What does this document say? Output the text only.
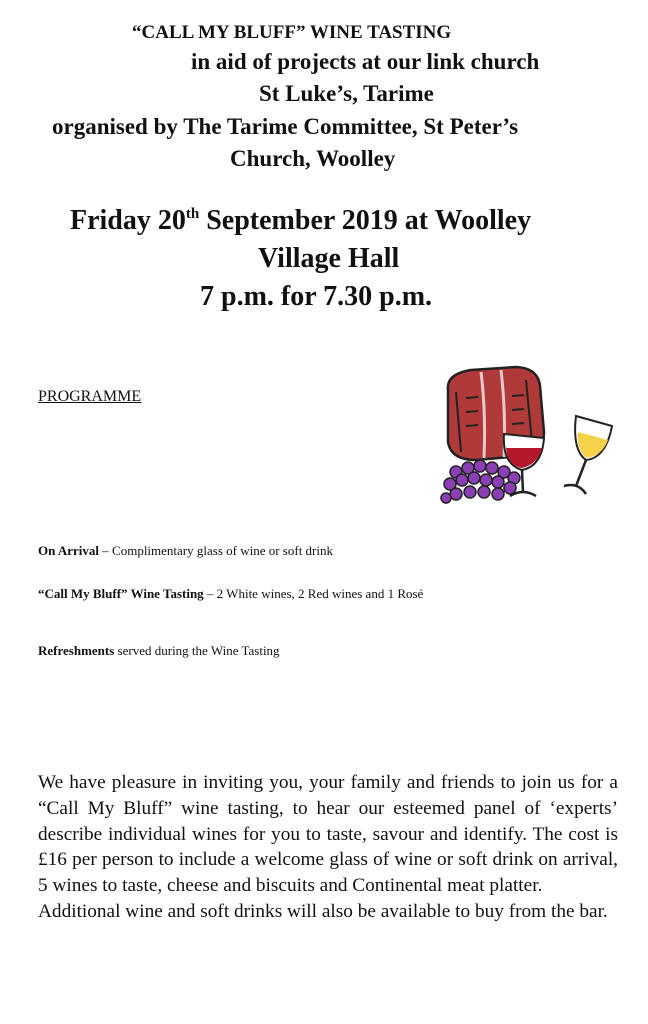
“CALL MY BLUFF” WINE TASTING
in aid of projects at our link church
St Luke’s, Tarime
organised by The Tarime Committee, St Peter’s
Church, Woolley
Friday 20th September 2019 at Woolley
Village Hall
7 p.m. for 7.30 p.m.
PROGRAMME
On Arrival – Complimentary glass of wine or soft drink
“Call My Bluff” Wine Tasting – 2 White wines, 2 Red wines and 1 Rosé
Refreshments served during the Wine Tasting

We have pleasure in inviting you, your family and friends to join us for a “Call My Bluff” wine tasting, to hear our esteemed panel of ‘experts’ describe individual wines for you to taste, savour and identify. The cost is £16 per person to include a welcome glass of wine or soft drink on arrival, 5 wines to taste, cheese and biscuits and Continental meat platter.

Additional wine and soft drinks will also be available to buy from the bar.
